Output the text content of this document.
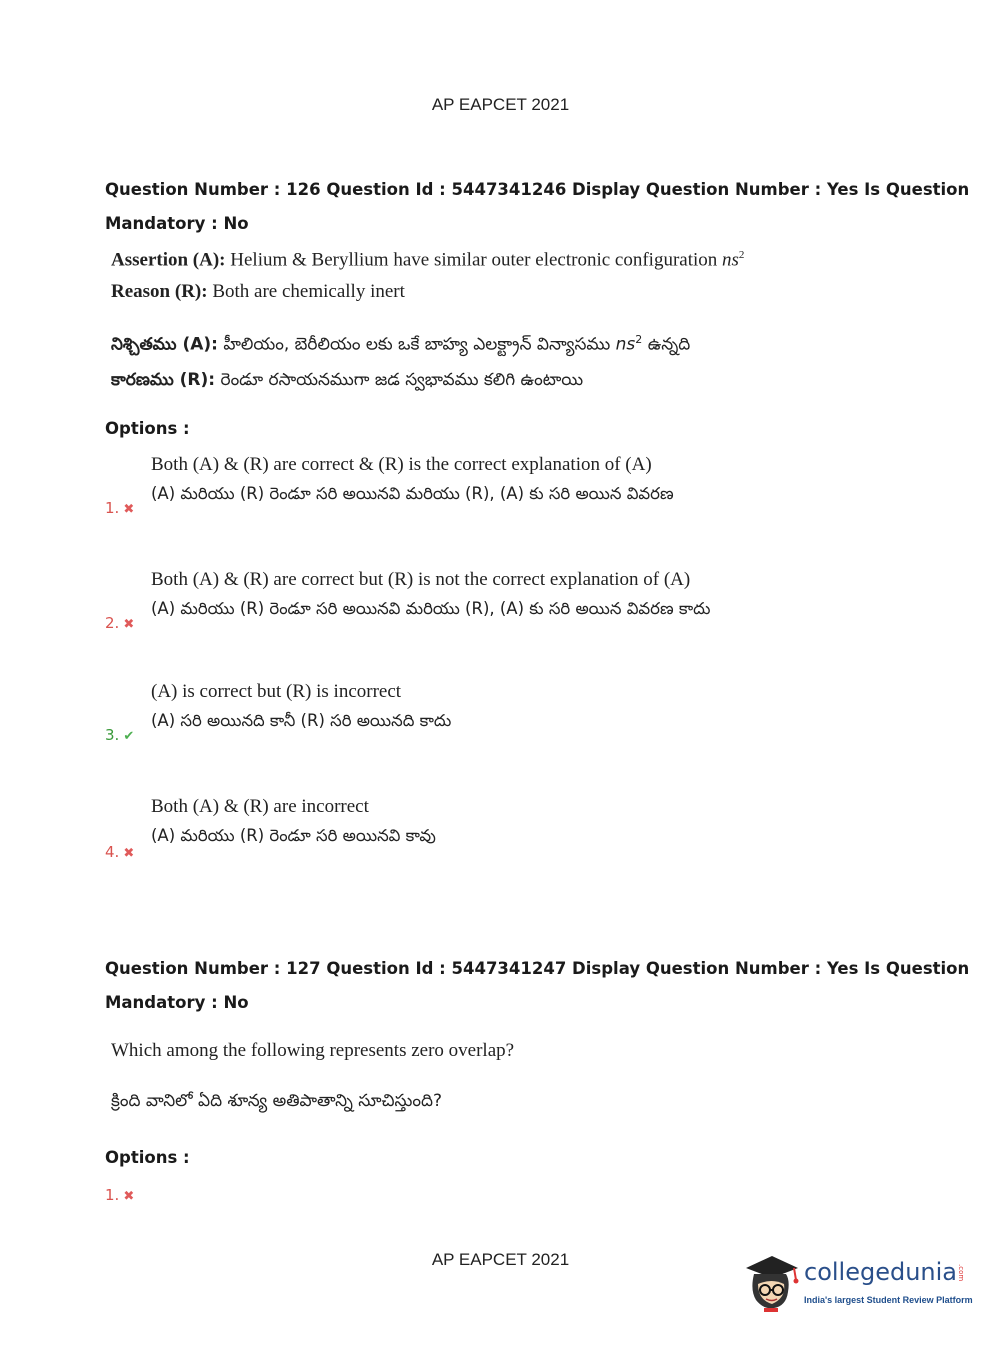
AP EAPCET 2021
Question Number : 126 Question Id : 5447341246 Display Question Number : Yes Is Question
Mandatory : No
Assertion (A): Helium & Beryllium have similar outer electronic configuration $ns^2$
Reason (R): Both are chemically inert
నిశ్చితము (A): హీలియం, బెరీలియం లకు ఒకే బాహ్య ఎలక్ట్రాన్ విన్యాసము $ns^2$ ఉన్నది
కారణము (R): రెండూ రసాయనముగా జడ స్వభావము కలిగి ఉంటాయి
Options :
Both (A) & (R) are correct & (R) is the correct explanation of (A)
(A) మరియు (R) రెండూ సరి అయినవి మరియు (R), (A) కు సరి అయిన వివరణ
1. ✖
Both (A) & (R) are correct but (R) is not the correct explanation of (A)
(A) మరియు (R) రెండూ సరి అయినవి మరియు (R), (A) కు సరి అయిన వివరణ కాదు
2. ✖
(A) is correct but (R) is incorrect
(A) సరి అయినది కానీ (R) సరి అయినది కాదు
3. ✔
Both (A) & (R) are incorrect
(A) మరియు (R) రెండూ సరి అయినవి కావు
4. ✖
Question Number : 127 Question Id : 5447341247 Display Question Number : Yes Is Question
Mandatory : No
Which among the following represents zero overlap?
క్రింది వానిలో ఏది శూన్య అతిపాతాన్ని సూచిస్తుంది?
Options :
1. ✖
AP EAPCET 2021	collegedunia.com
India's largest Student Review Platform
